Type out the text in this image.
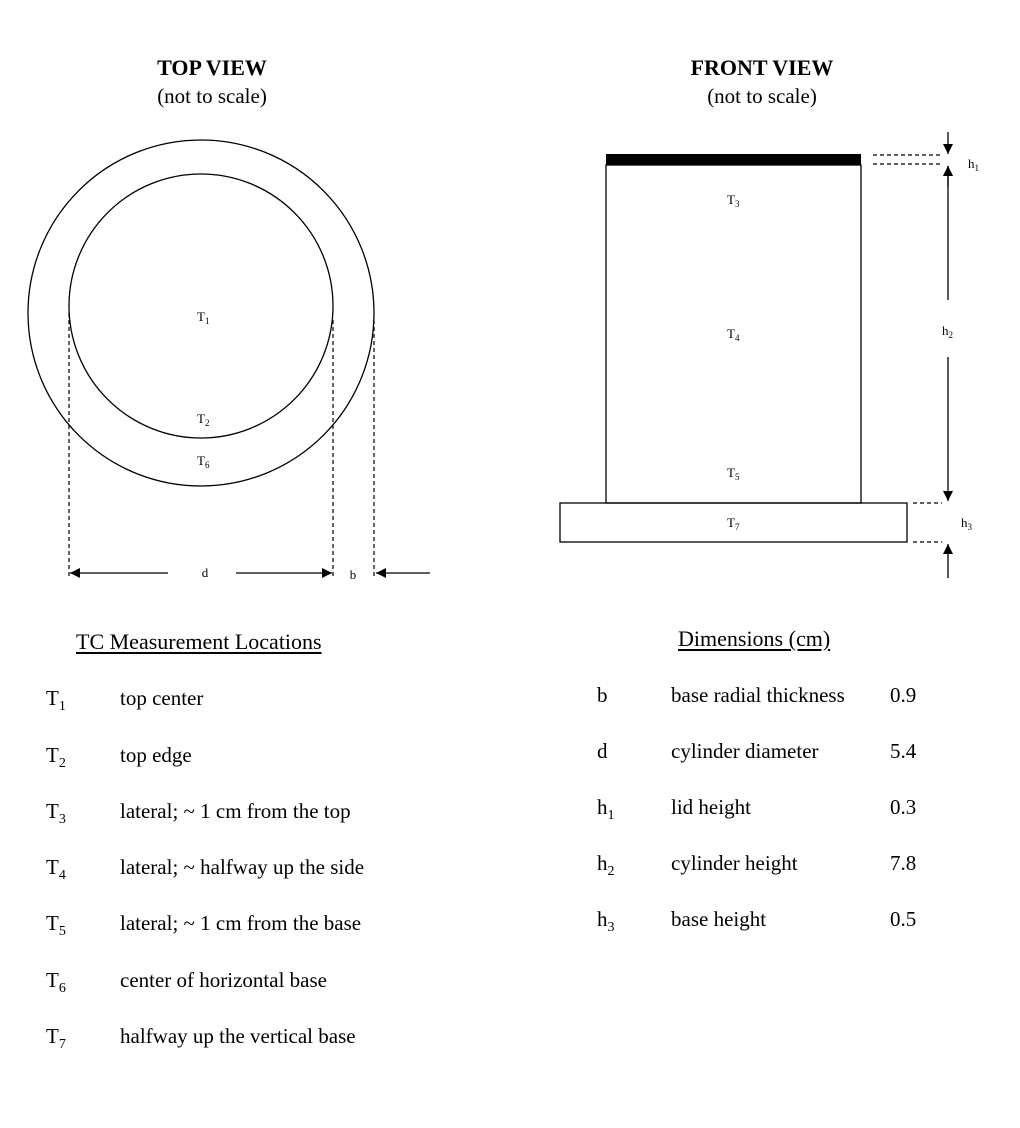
TOP VIEW
(not to scale)
$T_1$
$T_2$
$T_6$
d	b
FRONT VIEW
(not to scale)
$T_3$
$T_4$
$T_5$
$T_7$
$h_1$
$h_2$
$h_3$
TC Measurement Locations
$T_1$	top center
$T_2$	top edge
$T_3$	lateral; ~ 1 cm from the top
$T_4$	lateral; ~ halfway up the side
$T_5$	lateral; ~ 1 cm from the base
$T_6$	center of horizontal base
$T_7$	halfway up the vertical base
Dimensions (cm)
b	base radial thickness 0.9
d	cylinder diameter	5.4
$h_1$	lid height	0.3
$h_2$	cylinder height	7.8
$h_3$	base height	0.5
